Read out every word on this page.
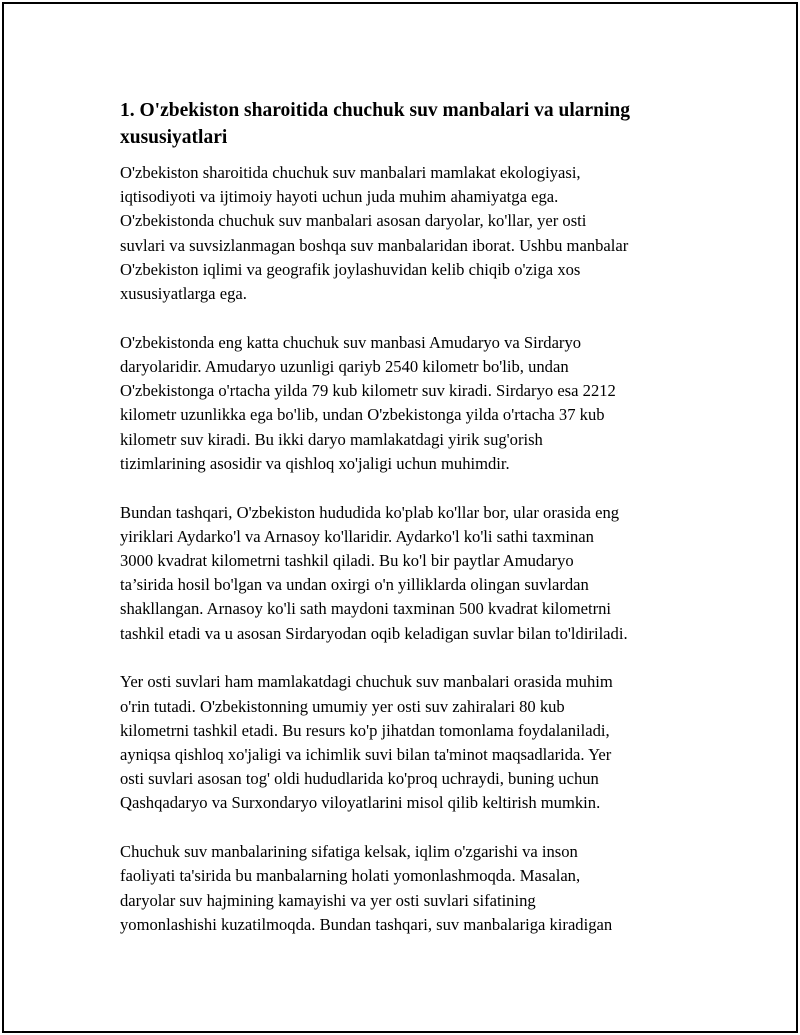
1. O'zbekiston sharoitida chuchuk suv manbalari va ularning xususiyatlari

O'zbekiston sharoitida chuchuk suv manbalari mamlakat ekologiyasi,
iqtisodiyoti va ijtimoiy hayoti uchun juda muhim ahamiyatga ega.
O'zbekistonda chuchuk suv manbalari asosan daryolar, ko'llar, yer osti
suvlari va suvsizlanmagan boshqa suv manbalaridan iborat. Ushbu manbalar
O'zbekiston iqlimi va geografik joylashuvidan kelib chiqib o'ziga xos
xususiyatlarga ega.

O'zbekistonda eng katta chuchuk suv manbasi Amudaryo va Sirdaryo
daryolaridir. Amudaryo uzunligi qariyb 2540 kilometr bo'lib, undan
O'zbekistonga o'rtacha yilda 79 kub kilometr suv kiradi. Sirdaryo esa 2212
kilometr uzunlikka ega bo'lib, undan O'zbekistonga yilda o'rtacha 37 kub
kilometr suv kiradi. Bu ikki daryo mamlakatdagi yirik sug'orish
tizimlarining asosidir va qishloq xo'jaligi uchun muhimdir.

Bundan tashqari, O'zbekiston hududida ko'plab ko'llar bor, ular orasida eng
yiriklari Aydarko'l va Arnasoy ko'llaridir. Aydarko'l ko'li sathi taxminan
3000 kvadrat kilometrni tashkil qiladi. Bu ko'l bir paytlar Amudaryo
ta’sirida hosil bo'lgan va undan oxirgi o'n yilliklarda olingan suvlardan
shakllangan. Arnasoy ko'li sath maydoni taxminan 500 kvadrat kilometrni
tashkil etadi va u asosan Sirdaryodan oqib keladigan suvlar bilan to'ldiriladi.

Yer osti suvlari ham mamlakatdagi chuchuk suv manbalari orasida muhim
o'rin tutadi. O'zbekistonning umumiy yer osti suv zahiralari 80 kub
kilometrni tashkil etadi. Bu resurs ko'p jihatdan tomonlama foydalaniladi,
ayniqsa qishloq xo'jaligi va ichimlik suvi bilan ta'minot maqsadlarida. Yer
osti suvlari asosan tog' oldi hududlarida ko'proq uchraydi, buning uchun
Qashqadaryo va Surxondaryo viloyatlarini misol qilib keltirish mumkin.

Chuchuk suv manbalarining sifatiga kelsak, iqlim o'zgarishi va inson
faoliyati ta'sirida bu manbalarning holati yomonlashmoqda. Masalan,
daryolar suv hajmining kamayishi va yer osti suvlari sifatining
yomonlashishi kuzatilmoqda. Bundan tashqari, suv manbalariga kiradigan
